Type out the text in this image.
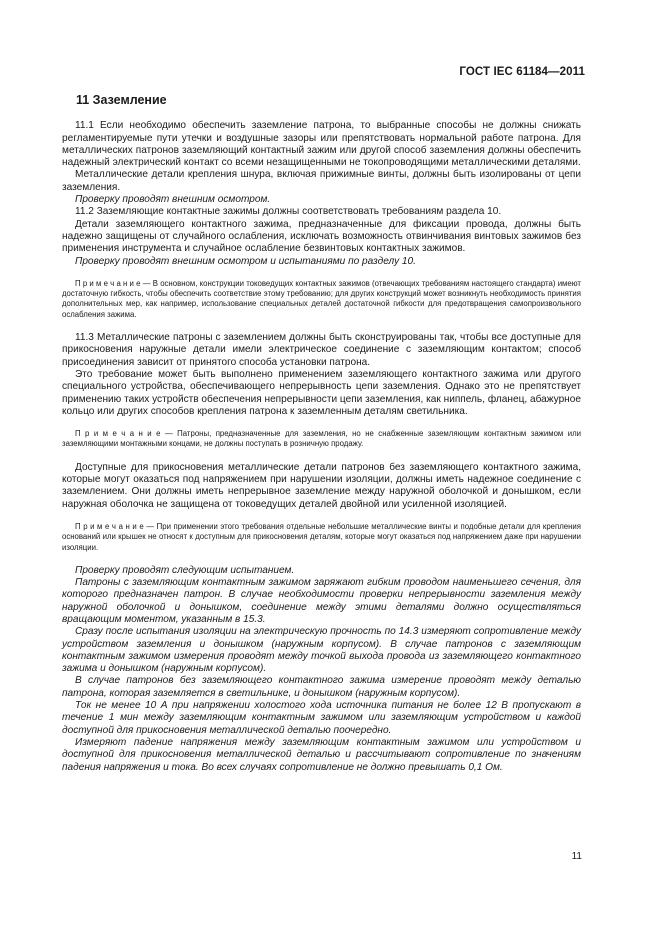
ГОСТ IEC 61184—2011
11 Заземление

11.1 Если необходимо обеспечить заземление патрона, то выбранные способы не должны снижать регламентируемые пути утечки и воздушные зазоры или препятствовать нормальной работе патрона. Для металлических патронов заземляющий контактный зажим или другой способ заземления должны обеспечить надежный электрический контакт со всеми незащищенными не токопроводящими металлическими деталями.

Металлические детали крепления шнура, включая прижимные винты, должны быть изолированы от цепи заземления.

Проверку проводят внешним осмотром.

11.2 Заземляющие контактные зажимы должны соответствовать требованиям раздела 10.

Детали заземляющего контактного зажима, предназначенные для фиксации провода, должны быть надежно защищены от случайного ослабления, исключать возможность отвинчивания винтовых зажимов без применения инструмента и случайное ослабление безвинтовых контактных зажимов.

Проверку проводят внешним осмотром и испытаниями по разделу 10.

П р и м е ч а н и е — В основном, конструкции токоведущих контактных зажимов (отвечающих требованиям настоящего стандарта) имеют достаточную гибкость, чтобы обеспечить соответствие этому требованию; для других конструкций может возникнуть необходимость принятия дополнительных мер, как например, использование специальных деталей достаточной гибкости для предотвращения самопроизвольного ослабления зажима.

11.3 Металлические патроны с заземлением должны быть сконструированы так, чтобы все доступные для прикосновения наружные детали имели электрическое соединение с заземляющим контактом; способ присоединения зависит от принятого способа установки патрона.

Это требование может быть выполнено применением заземляющего контактного зажима или другого специального устройства, обеспечивающего непрерывность цепи заземления. Однако это не препятствует применению таких устройств обеспечения непрерывности цепи заземления, как ниппель, фланец, абажурное кольцо или других способов крепления патрона к заземленным деталям светильника.

П р и м е ч а н и е — Патроны, предназначенные для заземления, но не снабженные заземляющим контактным зажимом или заземляющими монтажными концами, не должны поступать в розничную продажу.

Доступные для прикосновения металлические детали патронов без заземляющего контактного зажима, которые могут оказаться под напряжением при нарушении изоляции, должны иметь надежное соединение с заземлением. Они должны иметь непрерывное заземление между наружной оболочкой и донышком, если наружная оболочка не защищена от токоведущих деталей двойной или усиленной изоляцией.

П р и м е ч а н и е — При применении этого требования отдельные небольшие металлические винты и подобные детали для крепления оснований или крышек не относят к доступным для прикосновения деталям, которые могут оказаться под напряжением даже при нарушении изоляции.

Проверку проводят следующим испытанием.

Патроны с заземляющим контактным зажимом заряжают гибким проводом наименьшего сечения, для которого предназначен патрон. В случае необходимости проверки непрерывности заземления между наружной оболочкой и донышком, соединение между этими деталями должно осуществляться вращающим моментом, указанным в 15.3.

Сразу после испытания изоляции на электрическую прочность по 14.3 измеряют сопротивление между устройством заземления и донышком (наружным корпусом). В случае патронов с заземляющим контактным зажимом измерения проводят между точкой выхода провода из заземляющего контактного зажима и донышком (наружным корпусом).

В случае патронов без заземляющего контактного зажима измерение проводят между деталью патрона, которая заземляется в светильнике, и донышком (наружным корпусом).

Ток не менее 10 А при напряжении холостого хода источника питания не более 12 В пропускают в течение 1 мин между заземляющим контактным зажимом или заземляющим устройством и каждой доступной для прикосновения металлической деталью поочередно.

Измеряют падение напряжения между заземляющим контактным зажимом или устройством и доступной для прикосновения металлической деталью и рассчитывают сопротивление по значениям падения напряжения и тока. Во всех случаях сопротивление не должно превышать 0,1 Ом.

11
